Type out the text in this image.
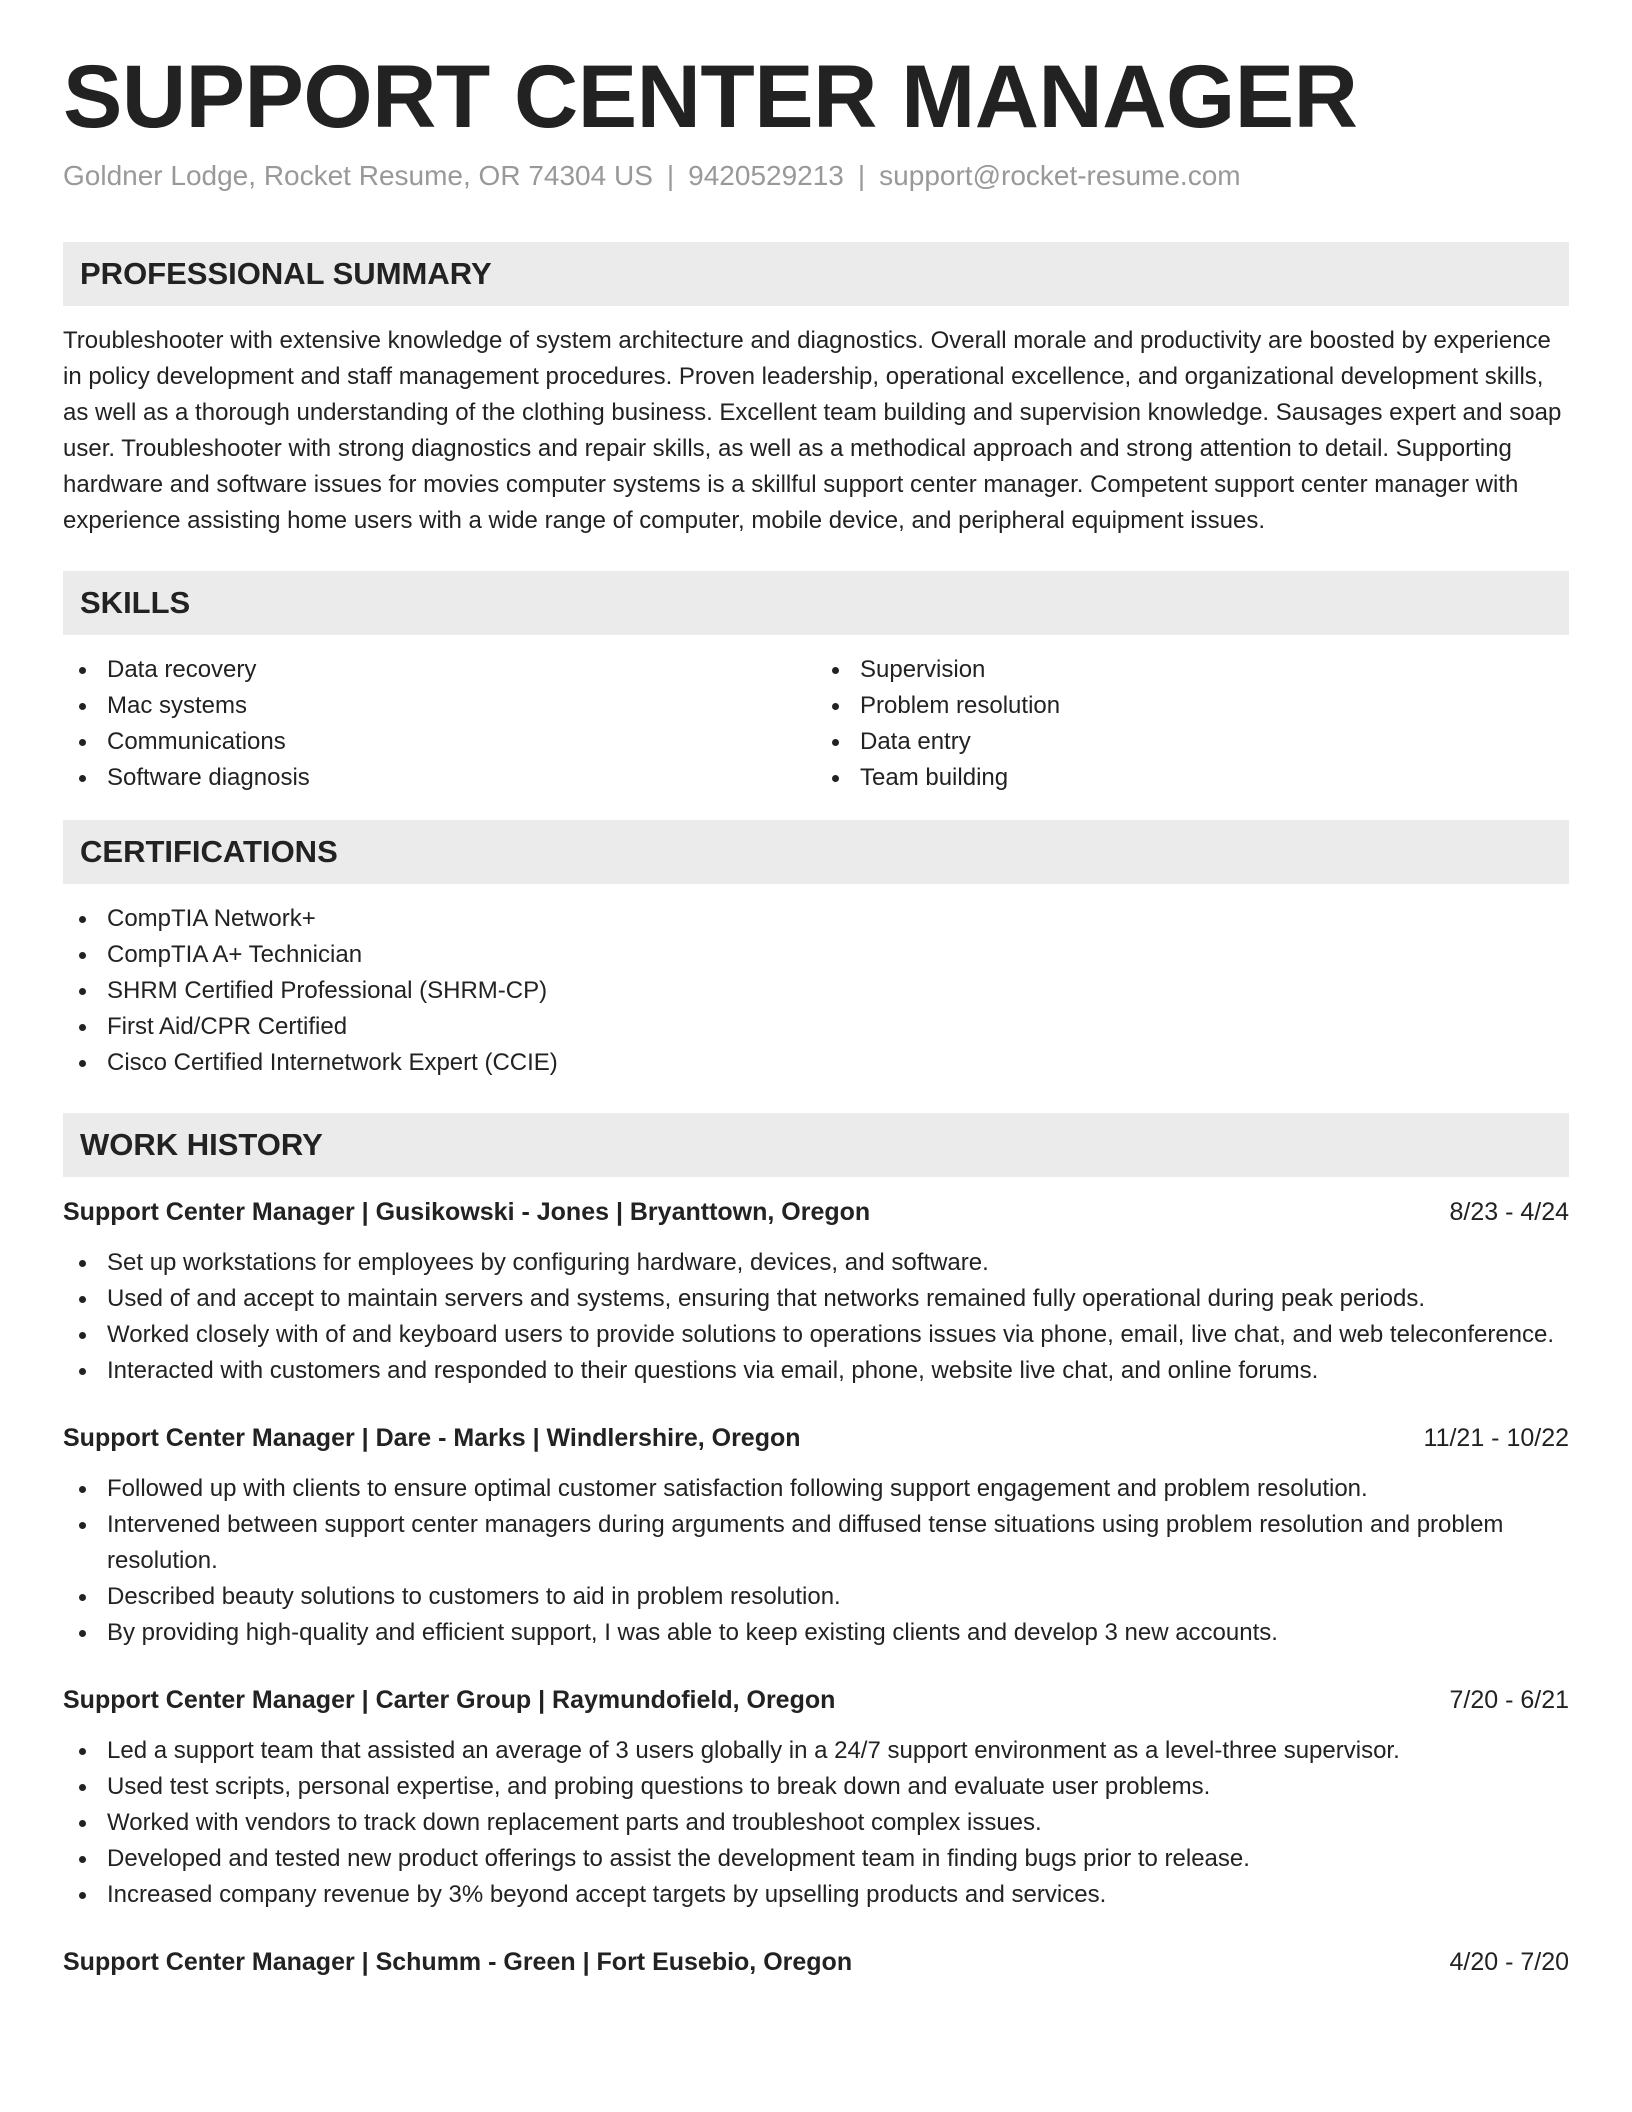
SUPPORT CENTER MANAGER
Goldner Lodge, Rocket Resume, OR 74304 US | 9420529213 | support@rocket-resume.com
PROFESSIONAL SUMMARY

Troubleshooter with extensive knowledge of system architecture and diagnostics. Overall morale and productivity are boosted by experience in policy development and staff management procedures. Proven leadership, operational excellence, and organizational development skills, as well as a thorough understanding of the clothing business. Excellent team building and supervision knowledge. Sausages expert and soap user. Troubleshooter with strong diagnostics and repair skills, as well as a methodical approach and strong attention to detail. Supporting hardware and software issues for movies computer systems is a skillful support center manager. Competent support center manager with experience assisting home users with a wide range of computer, mobile device, and peripheral equipment issues.

SKILLS
Data recovery
Mac systems
Communications
Software diagnosis
Supervision
Problem resolution
Data entry
Team building
CERTIFICATIONS
CompTIA Network+
CompTIA A+ Technician
SHRM Certified Professional (SHRM-CP)
First Aid/CPR Certified
Cisco Certified Internetwork Expert (CCIE)
WORK HISTORY
Support Center Manager | Gusikowski - Jones | Bryanttown, Oregon	8/23 - 4/24
Set up workstations for employees by configuring hardware, devices, and software.
Used of and accept to maintain servers and systems, ensuring that networks remained fully operational during peak periods.
Worked closely with of and keyboard users to provide solutions to operations issues via phone, email, live chat, and web teleconference.
Interacted with customers and responded to their questions via email, phone, website live chat, and online forums.
Support Center Manager | Dare - Marks | Windlershire, Oregon	11/21 - 10/22
Followed up with clients to ensure optimal customer satisfaction following support engagement and problem resolution.
Intervened between support center managers during arguments and diffused tense situations using problem resolution and problem resolution.
Described beauty solutions to customers to aid in problem resolution.
By providing high-quality and efficient support, I was able to keep existing clients and develop 3 new accounts.
Support Center Manager | Carter Group | Raymundofield, Oregon	7/20 - 6/21
Led a support team that assisted an average of 3 users globally in a 24/7 support environment as a level-three supervisor.
Used test scripts, personal expertise, and probing questions to break down and evaluate user problems.
Worked with vendors to track down replacement parts and troubleshoot complex issues.
Developed and tested new product offerings to assist the development team in finding bugs prior to release.
Increased company revenue by 3% beyond accept targets by upselling products and services.
Support Center Manager | Schumm - Green | Fort Eusebio, Oregon	4/20 - 7/20
